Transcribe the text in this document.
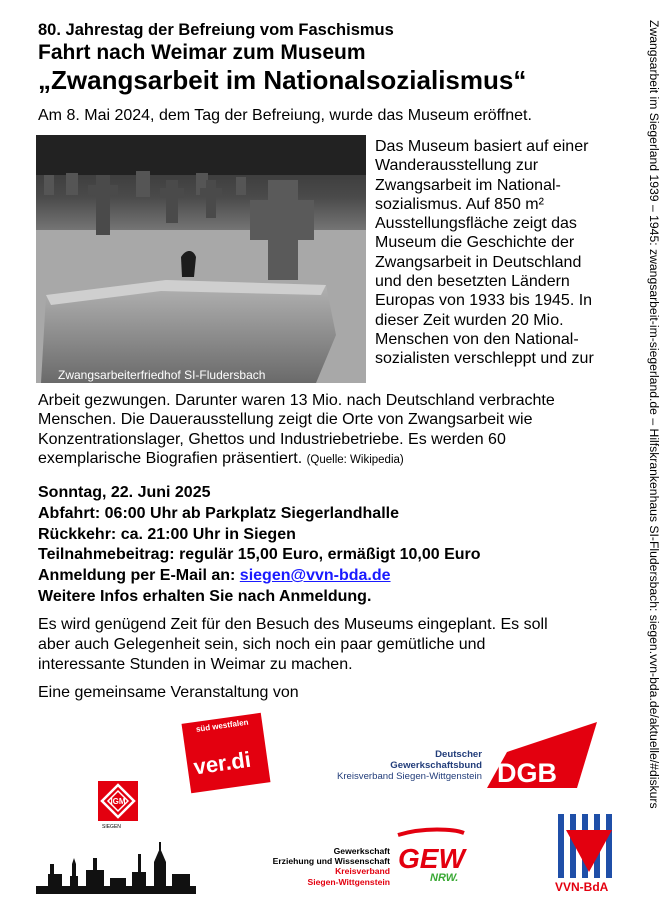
80. Jahrestag der Befreiung vom Faschismus
Fahrt nach Weimar zum Museum
„Zwangsarbeit im Nationalsozialismus“
Am 8. Mai 2024, dem Tag der Befreiung, wurde das Museum eröffnet.
Zwangsarbeiterfriedhof SI-Fludersbach
Das Museum basiert auf einer
Wanderausstellung zur
Zwangsarbeit im National-
sozialismus. Auf 850 m²
Ausstellungsfläche zeigt das
Museum die Geschichte der
Zwangsarbeit in Deutschland
und den besetzten Ländern
Europas von 1933 bis 1945. In
dieser Zeit wurden 20 Mio.
Menschen von den National-
sozialisten verschleppt und zur
Arbeit gezwungen. Darunter waren 13 Mio. nach Deutschland verbrachte
Menschen. Die Dauerausstellung zeigt die Orte von Zwangsarbeit wie
Konzentrationslager, Ghettos und Industriebetriebe. Es werden 60
exemplarische Biografien präsentiert. (Quelle: Wikipedia)
Sonntag, 22. Juni 2025
Abfahrt: 06:00 Uhr ab Parkplatz Siegerlandhalle
Rückkehr: ca. 21:00 Uhr in Siegen
Teilnahmebeitrag: regulär 15,00 Euro, ermäßigt 10,00 Euro
Anmeldung per E-Mail an: siegen@vvn-bda.de
Weitere Infos erhalten Sie nach Anmeldung.
Es wird genügend Zeit für den Besuch des Museums eingeplant. Es soll
aber auch Gelegenheit sein, sich noch ein paar gemütliche und
interessante Stunden in Weimar zu machen.
Eine gemeinsame Veranstaltung von	Zwangsarbeit im Siegerland 1939 – 1945: zwangsarbeit-im-siegerland.de – Hilfskrankenhaus SI-Fludersbach: siegen.vvn-bda.de/aktuelle/#diskurs
süd westfalen
ver.di	Deutscher
Gewerkschaftsbund
Kreisverband Siegen-Wittgenstein DGB
IGM
SIEGEN
Gewerkschaft
Erziehung und Wissenschaft
Kreisverband
Siegen-Wittgenstein
GEW
NRW.
VVN-BdA
